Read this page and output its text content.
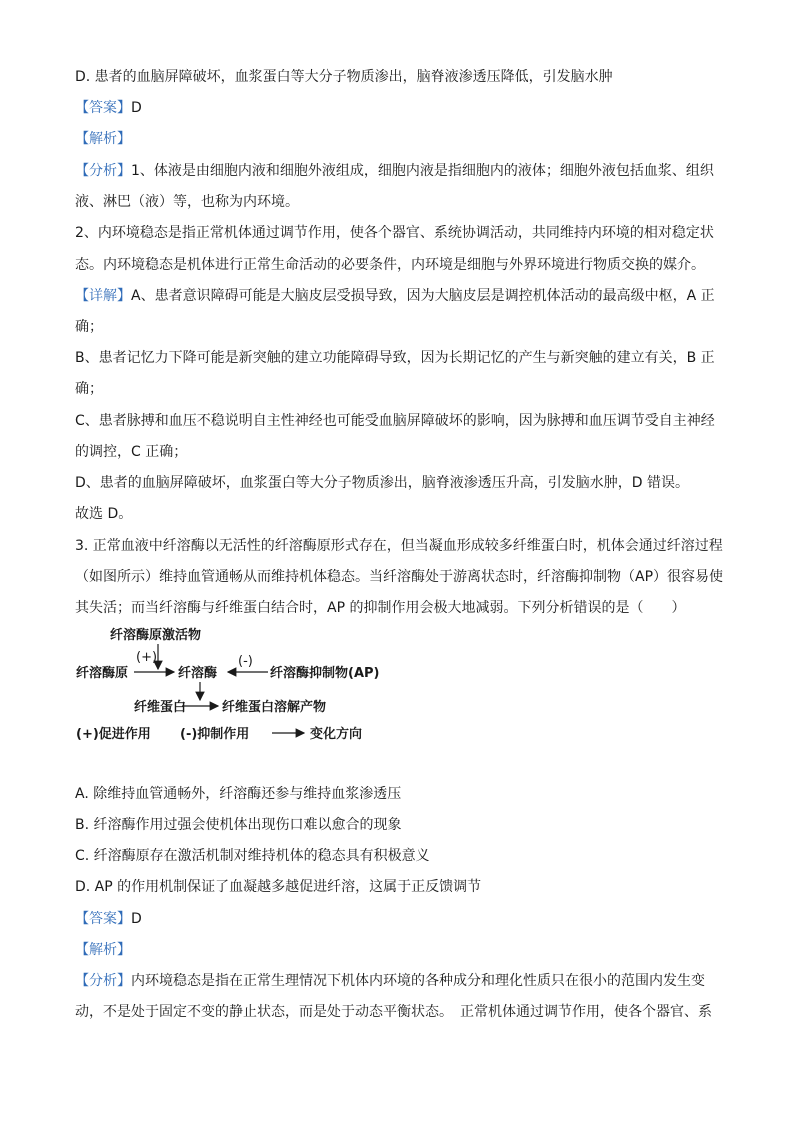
D. 患者的血脑屏障破坏，血浆蛋白等大分子物质渗出，脑脊液渗透压降低，引发脑水肿
【答案】D
【解析】
【分析】1、体液是由细胞内液和细胞外液组成，细胞内液是指细胞内的液体；细胞外液包括血浆、组织
液、淋巴（液）等，也称为内环境。
2、内环境稳态是指正常机体通过调节作用，使各个器官、系统协调活动，共同维持内环境的相对稳定状
态。内环境稳态是机体进行正常生命活动的必要条件，内环境是细胞与外界环境进行物质交换的媒介。
【详解】A、患者意识障碍可能是大脑皮层受损导致，因为大脑皮层是调控机体活动的最高级中枢，A 正
确；
B、患者记忆力下降可能是新突触的建立功能障碍导致，因为长期记忆的产生与新突触的建立有关，B 正
确；
C、患者脉搏和血压不稳说明自主性神经也可能受血脑屏障破坏的影响，因为脉搏和血压调节受自主神经
的调控，C 正确；
D、患者的血脑屏障破坏，血浆蛋白等大分子物质渗出，脑脊液渗透压升高，引发脑水肿，D 错误。
故选 D。
3. 正常血液中纤溶酶以无活性的纤溶酶原形式存在，但当凝血形成较多纤维蛋白时，机体会通过纤溶过程
（如图所示）维持血管通畅从而维持机体稳态。当纤溶酶处于游离状态时，纤溶酶抑制物（AP）很容易使
其失活；而当纤溶酶与纤维蛋白结合时，AP 的抑制作用会极大地减弱。下列分析错误的是（　　）
纤溶酶原激活物
(+)
纤溶酶原	纤溶酶
(-)
纤溶酶抑制物(AP)
纤维蛋白	纤维蛋白溶解产物
(+)促进作用 (-)抑制作用	变化方向
A. 除维持血管通畅外，纤溶酶还参与维持血浆渗透压
B. 纤溶酶作用过强会使机体出现伤口难以愈合的现象
C. 纤溶酶原存在激活机制对维持机体的稳态具有积极意义
D. AP 的作用机制保证了血凝越多越促进纤溶，这属于正反馈调节
【答案】D
【解析】
【分析】内环境稳态是指在正常生理情况下机体内环境的各种成分和理化性质只在很小的范围内发生变
动，不是处于固定不变的静止状态，而是处于动态平衡状态。　正常机体通过调节作用，使各个器官、系
